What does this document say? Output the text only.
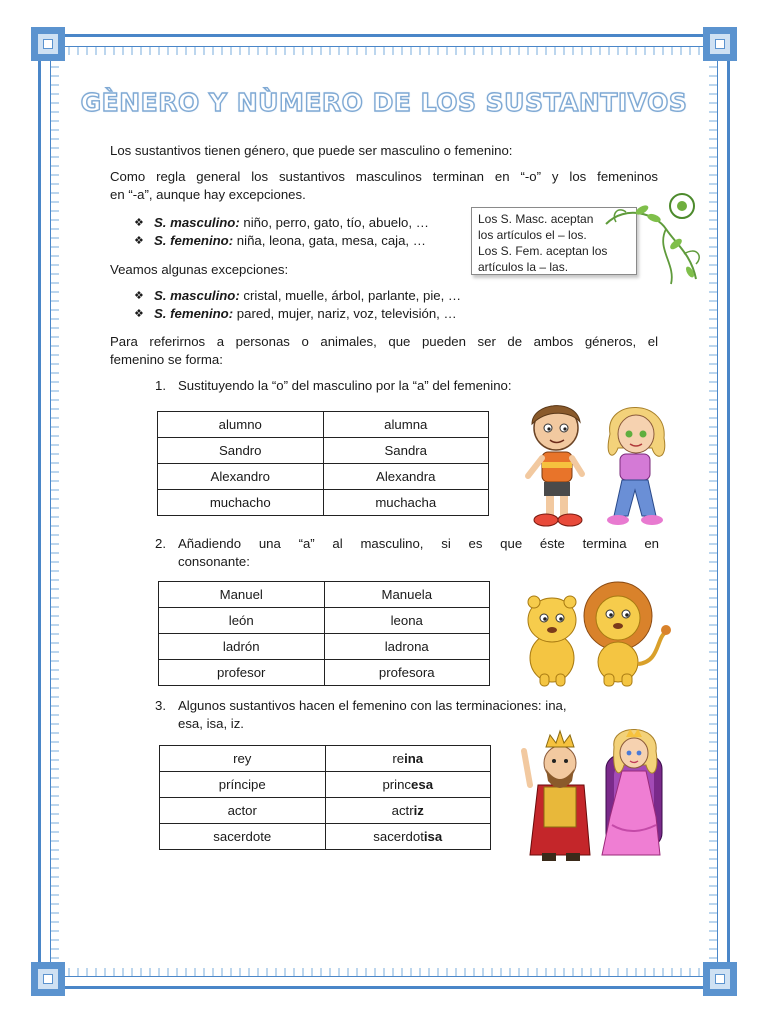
GÈNERO Y NÙMERO DE LOS SUSTANTIVOS
Los sustantivos tienen género, que puede ser masculino o femenino:
Como regla general los sustantivos masculinos terminan en “-o” y los femeninos
en “-a”, aunque hay excepciones.
❖ S. masculino: niño, perro, gato, tío, abuelo, …
❖ S. femenino: niña, leona, gata, mesa, caja, …
Los S. Masc. aceptan
los artículos el – los.
Los S. Fem. aceptan los
artículos la – las.
Veamos algunas excepciones:
❖ S. masculino: cristal, muelle, árbol, parlante, pie, …
❖ S. femenino: pared, mujer, nariz, voz, televisión, …
Para referirnos a personas o animales, que pueden ser de ambos géneros, el
femenino se forma:
1. Sustituyendo la “o” del masculino por la “a” del femenino:
alumno	alumna
Sandro	Sandra
Alexandro	Alexandra
muchacho	muchacha
2. Añadiendo una “a” al masculino, si es que éste termina en
consonante:
Manuel	Manuela
león	leona
ladrón	ladrona
profesor	profesora
3. Algunos sustantivos hacen el femenino con las terminaciones: ina,
esa, isa, iz.
rey	reina
príncipe	princesa
actor	actriz
sacerdote	sacerdotisa
